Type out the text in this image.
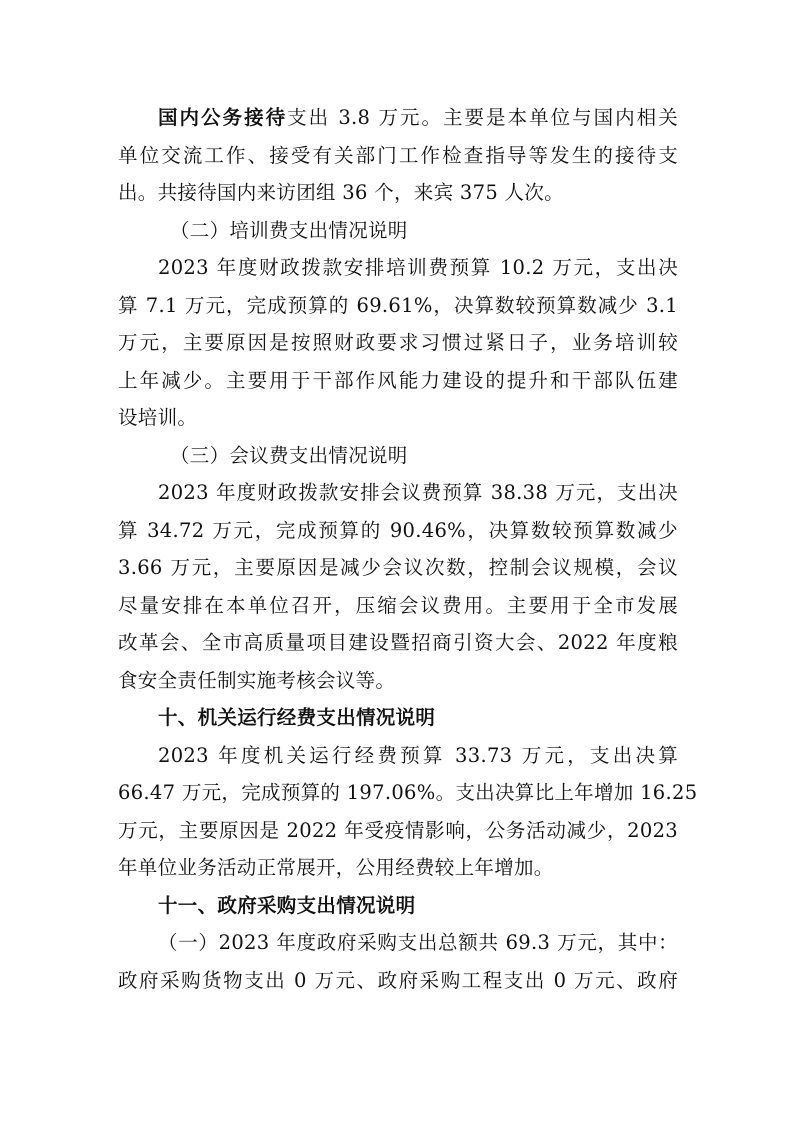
国内公务接待支出 3.8 万元。主要是本单位与国内相关
单位交流工作、接受有关部门工作检查指导等发生的接待支
出。共接待国内来访团组 36 个，来宾 375 人次。
（二）培训费支出情况说明
2023 年度财政拨款安排培训费预算 10.2 万元，支出决
算 7.1 万元，完成预算的 69.61%，决算数较预算数减少 3.1
万元，主要原因是按照财政要求习惯过紧日子，业务培训较
上年减少。主要用于干部作风能力建设的提升和干部队伍建
设培训。
（三）会议费支出情况说明
2023 年度财政拨款安排会议费预算 38.38 万元，支出决
算 34.72 万元，完成预算的 90.46%，决算数较预算数减少
3.66 万元，主要原因是减少会议次数，控制会议规模，会议
尽量安排在本单位召开，压缩会议费用。主要用于全市发展
改革会、全市高质量项目建设暨招商引资大会、2022 年度粮
食安全责任制实施考核会议等。
十、机关运行经费支出情况说明
2023 年度机关运行经费预算 33.73 万元，支出决算
66.47 万元，完成预算的 197.06%。支出决算比上年增加 16.25
万元，主要原因是 2022 年受疫情影响，公务活动减少，2023
年单位业务活动正常展开，公用经费较上年增加。
十一、政府采购支出情况说明
（一）2023 年度政府采购支出总额共 69.3 万元，其中：
政府采购货物支出 0 万元、政府采购工程支出 0 万元、政府
